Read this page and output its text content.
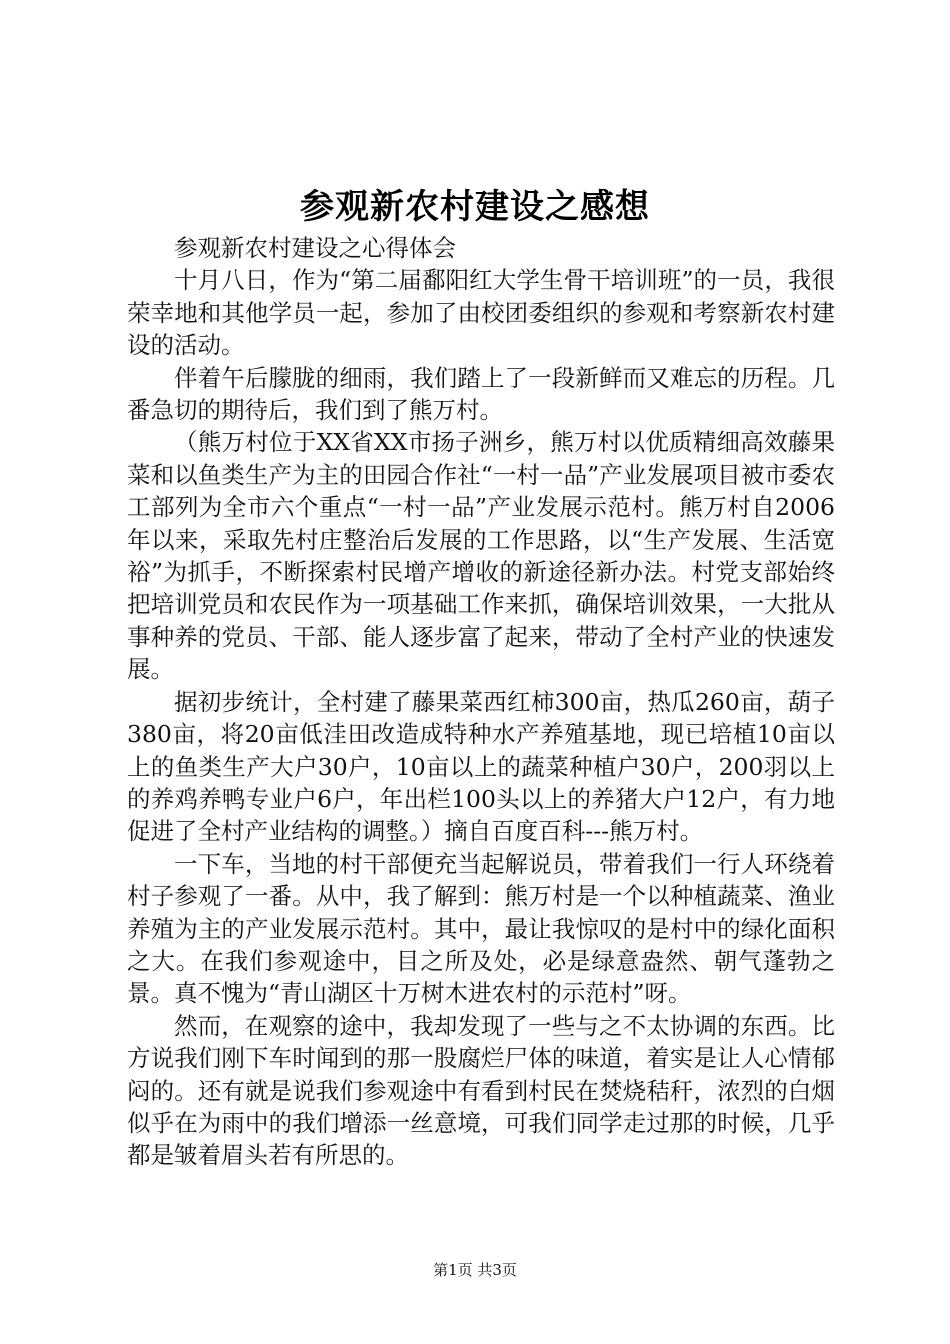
参观新农村建设之感想

参观新农村建设之心得体会

十月八日，作为“第二届鄱阳红大学生骨干培训班”的一员，我很荣幸地和其他学员一起，参加了由校团委组织的参观和考察新农村建设的活动。

伴着午后朦胧的细雨，我们踏上了一段新鲜而又难忘的历程。几番急切的期待后，我们到了熊万村。

（熊万村位于XX省XX市扬子洲乡，熊万村以优质精细高效藤果菜和以鱼类生产为主的田园合作社“一村一品”产业发展项目被市委农工部列为全市六个重点“一村一品”产业发展示范村。熊万村自2006年以来，采取先村庄整治后发展的工作思路，以“生产发展、生活宽裕”为抓手，不断探索村民增产增收的新途径新办法。村党支部始终把培训党员和农民作为一项基础工作来抓，确保培训效果，一大批从事种养的党员、干部、能人逐步富了起来，带动了全村产业的快速发展。

据初步统计，全村建了藤果菜西红柿300亩，热瓜260亩，葫子380亩，将20亩低洼田改造成特种水产养殖基地，现已培植10亩以上的鱼类生产大户30户，10亩以上的蔬菜种植户30户，200羽以上的养鸡养鸭专业户6户，年出栏100头以上的养猪大户12户，有力地促进了全村产业结构的调整。）摘自百度百科---熊万村。

一下车，当地的村干部便充当起解说员，带着我们一行人环绕着村子参观了一番。从中，我了解到：熊万村是一个以种植蔬菜、渔业养殖为主的产业发展示范村。其中，最让我惊叹的是村中的绿化面积之大。在我们参观途中，目之所及处，必是绿意盎然、朝气蓬勃之景。真不愧为“青山湖区十万树木进农村的示范村”呀。

然而，在观察的途中，我却发现了一些与之不太协调的东西。比方说我们刚下车时闻到的那一股腐烂尸体的味道，着实是让人心情郁闷的。还有就是说我们参观途中有看到村民在焚烧秸秆，浓烈的白烟似乎在为雨中的我们增添一丝意境，可我们同学走过那的时候，几乎都是皱着眉头若有所思的。

第1页 共3页
